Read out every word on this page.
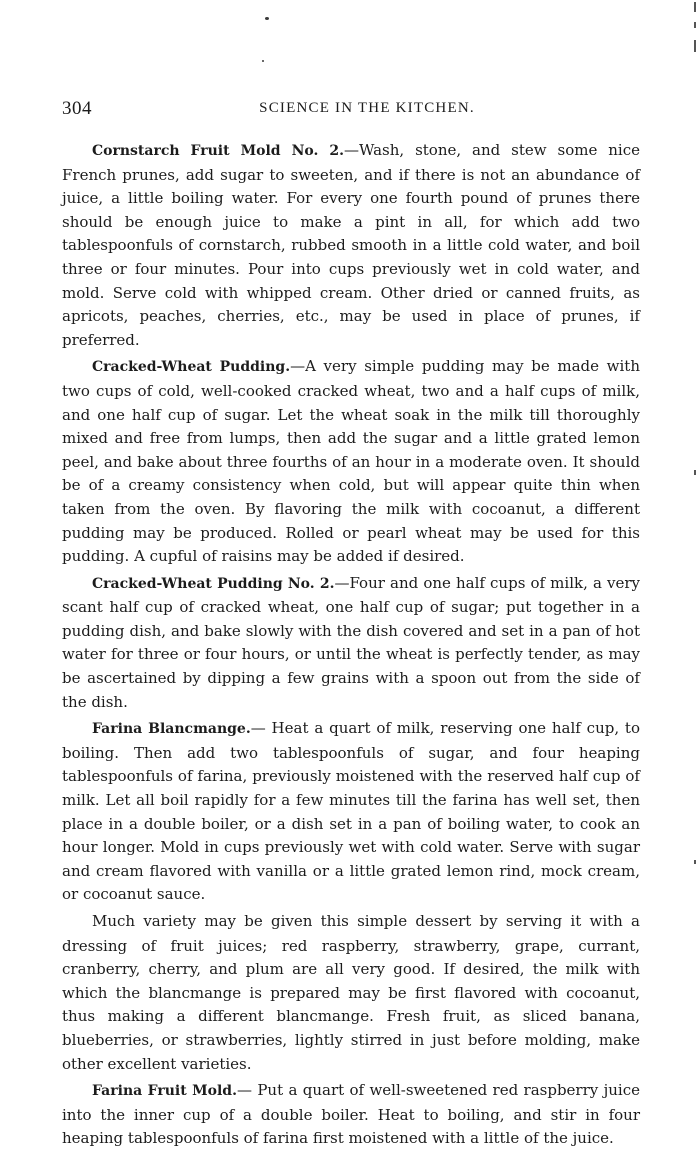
304	SCIENCE IN THE KITCHEN.

Cornstarch Fruit Mold No. 2.—Wash, stone, and stew some nice French prunes, add sugar to sweeten, and if there is not an abundance of juice, a little boiling water. For every one fourth pound of prunes there should be enough juice to make a pint in all, for which add two tablespoonfuls of cornstarch, rubbed smooth in a little cold water, and boil three or four minutes. Pour into cups previously wet in cold water, and mold. Serve cold with whipped cream. Other dried or canned fruits, as apricots, peaches, cherries, etc., may be used in place of prunes, if preferred.

Cracked-Wheat Pudding.—A very simple pudding may be made with two cups of cold, well-cooked cracked wheat, two and a half cups of milk, and one half cup of sugar. Let the wheat soak in the milk till thoroughly mixed and free from lumps, then add the sugar and a little grated lemon peel, and bake about three fourths of an hour in a moderate oven. It should be of a creamy consistency when cold, but will appear quite thin when taken from the oven. By flavoring the milk with cocoanut, a different pudding may be produced. Rolled or pearl wheat may be used for this pudding. A cupful of raisins may be added if desired.

Cracked-Wheat Pudding No. 2.—Four and one half cups of milk, a very scant half cup of cracked wheat, one half cup of sugar; put together in a pudding dish, and bake slowly with the dish covered and set in a pan of hot water for three or four hours, or until the wheat is perfectly tender, as may be ascertained by dipping a few grains with a spoon out from the side of the dish.

Farina Blancmange.— Heat a quart of milk, reserving one half cup, to boiling. Then add two tablespoonfuls of sugar, and four heaping tablespoonfuls of farina, previously moistened with the reserved half cup of milk. Let all boil rapidly for a few minutes till the farina has well set, then place in a double boiler, or a dish set in a pan of boiling water, to cook an hour longer. Mold in cups previously wet with cold water. Serve with sugar and cream flavored with vanilla or a little grated lemon rind, mock cream, or cocoanut sauce.

Much variety may be given this simple dessert by serving it with a dressing of fruit juices; red raspberry, strawberry, grape, currant, cranberry, cherry, and plum are all very good. If desired, the milk with which the blancmange is prepared may be first flavored with cocoanut, thus making a different blancmange. Fresh fruit, as sliced banana, blueberries, or strawberries, lightly stirred in just before molding, make other excellent varieties.

Farina Fruit Mold.— Put a quart of well-sweetened red raspberry juice into the inner cup of a double boiler. Heat to boiling, and stir in four heaping tablespoonfuls of farina first moistened with a little of the juice.
